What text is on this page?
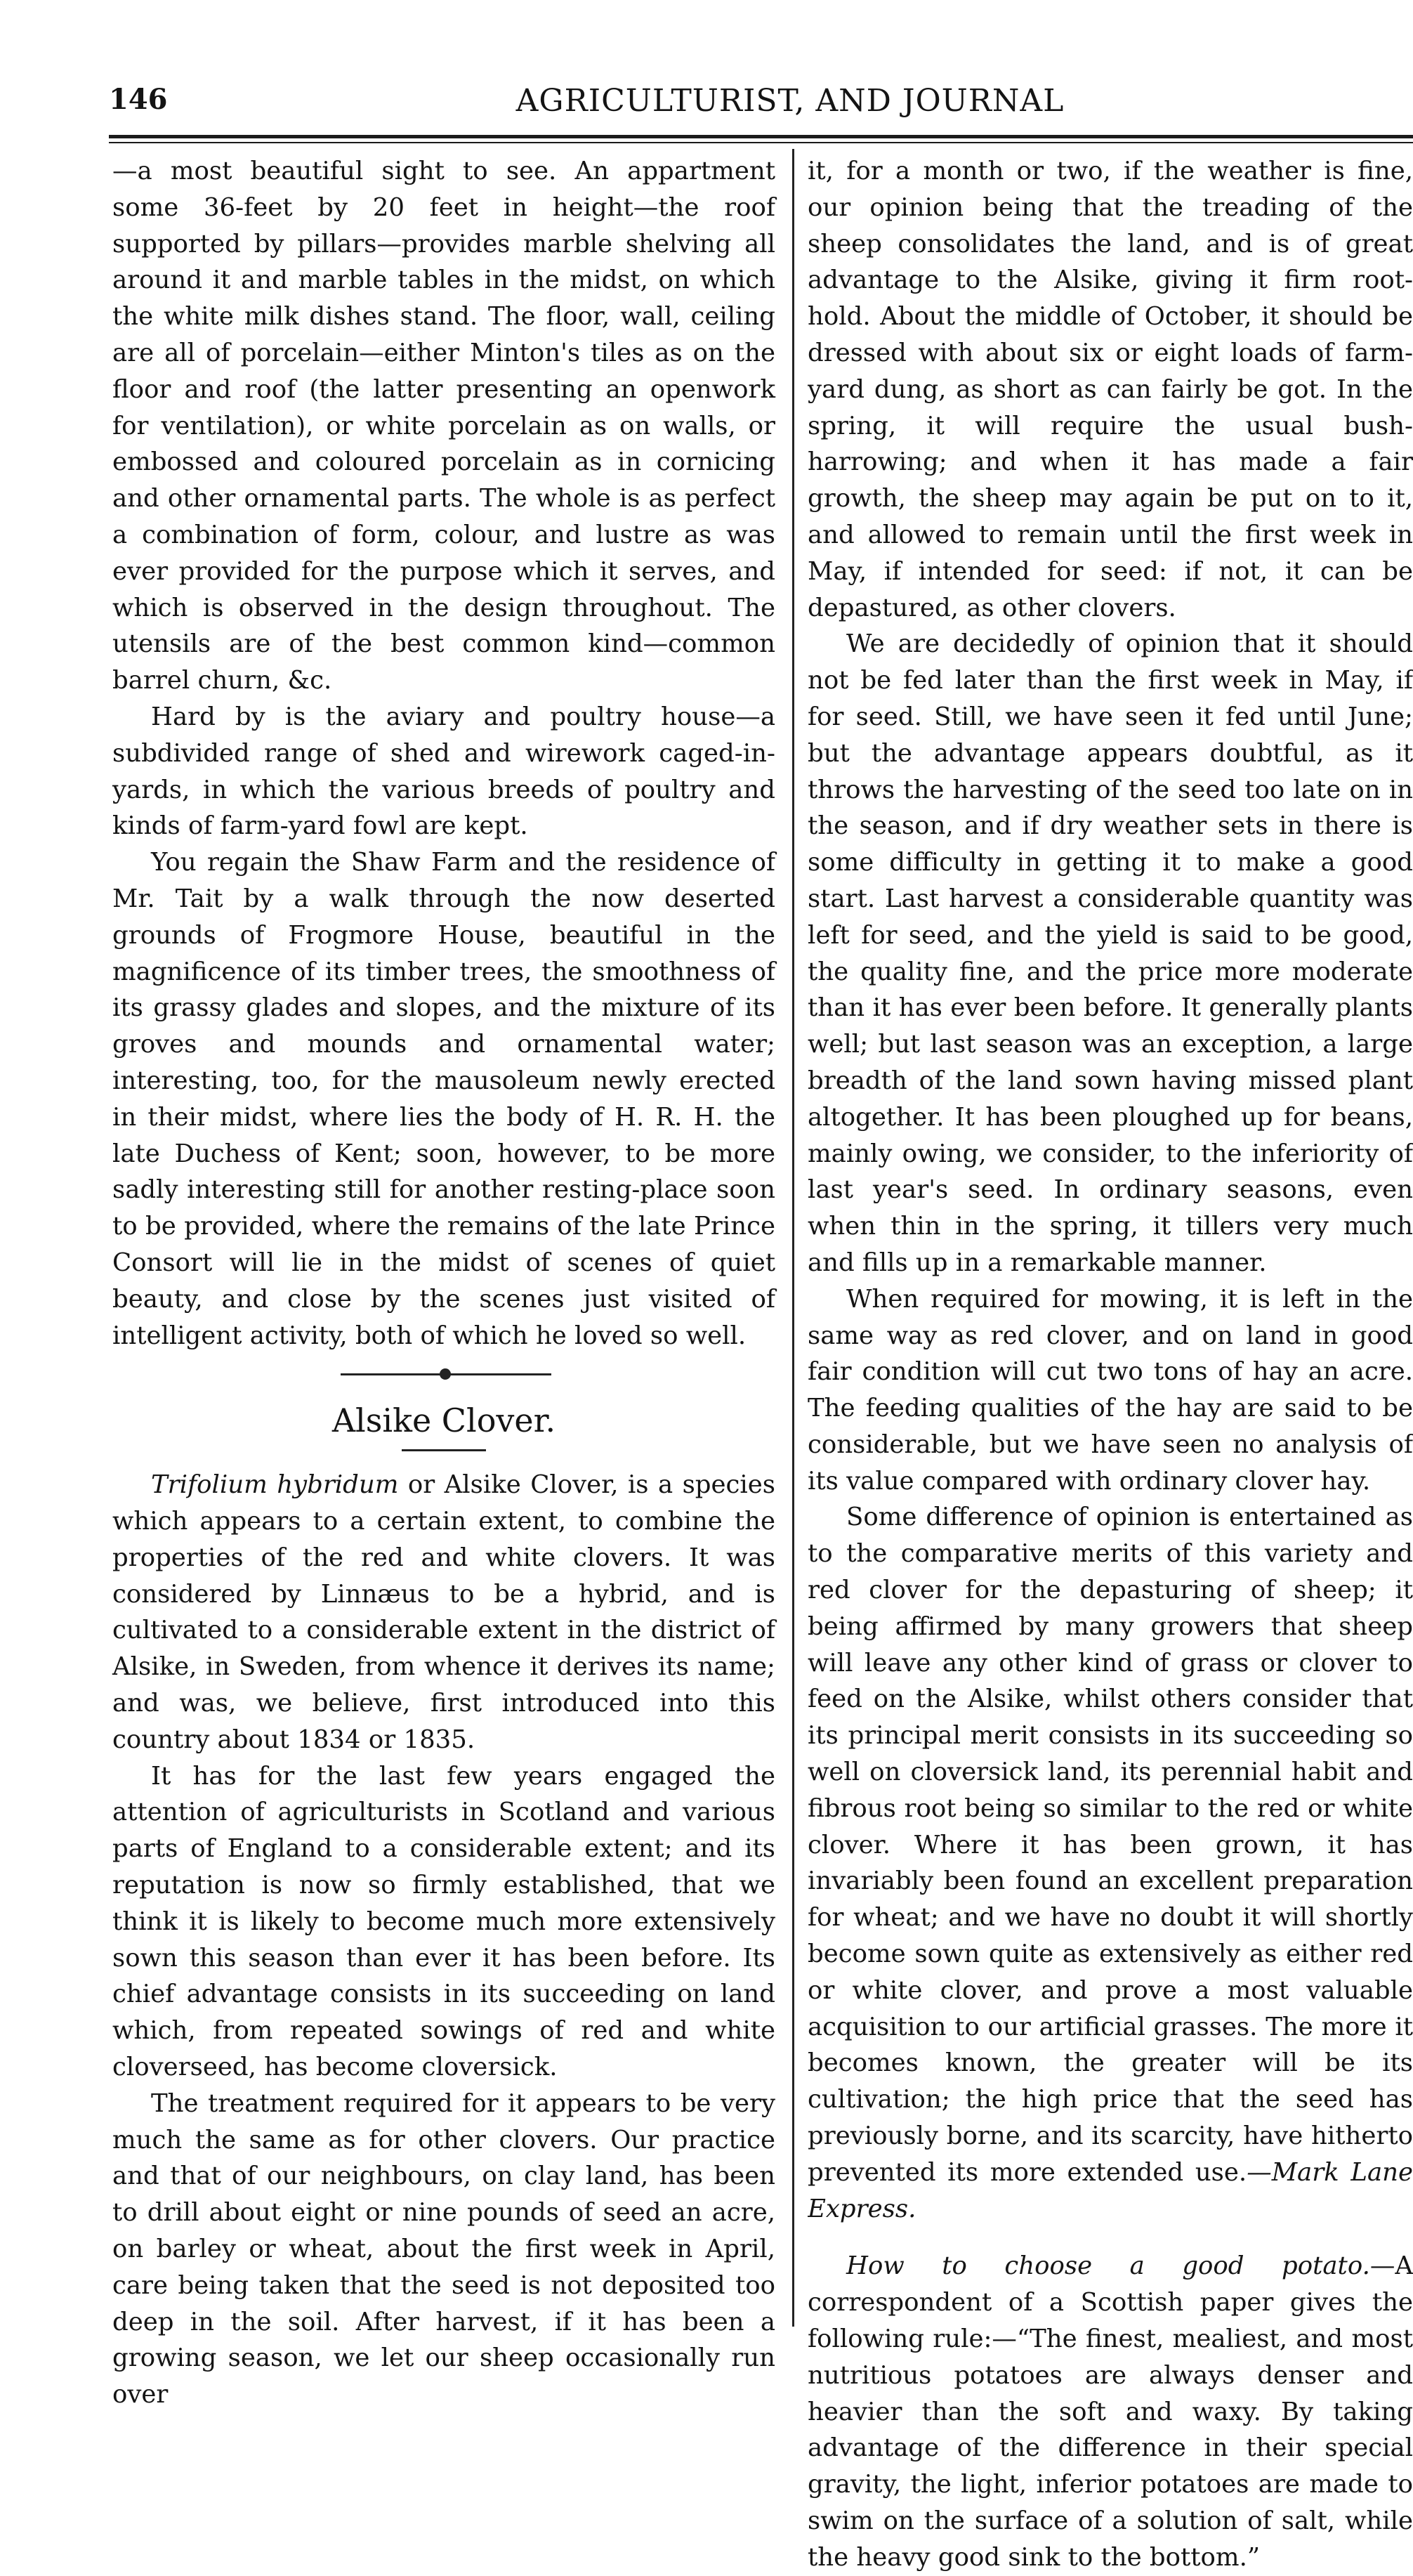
146	AGRICULTURIST, AND JOURNAL

—a most beautiful sight to see. An appartment some 36-feet by 20 feet in height—the roof supported by pillars—provides marble shelving all around it and marble tables in the midst, on which the white milk dishes stand. The floor, wall, ceiling are all of porcelain—either Minton's tiles as on the floor and roof (the latter presenting an openwork for ventilation), or white porcelain as on walls, or embossed and coloured porcelain as in cornicing and other ornamental parts. The whole is as perfect a combination of form, colour, and lustre as was ever provided for the purpose which it serves, and which is observed in the design throughout. The utensils are of the best common kind—common barrel churn, &c.

Hard by is the aviary and poultry house—a subdivided range of shed and wirework caged-in-yards, in which the various breeds of poultry and kinds of farm-yard fowl are kept.

You regain the Shaw Farm and the residence of Mr. Tait by a walk through the now deserted grounds of Frogmore House, beautiful in the magnificence of its timber trees, the smoothness of its grassy glades and slopes, and the mixture of its groves and mounds and ornamental water; interesting, too, for the mausoleum newly erected in their midst, where lies the body of H. R. H. the late Duchess of Kent; soon, however, to be more sadly interesting still for another resting-place soon to be provided, where the remains of the late Prince Consort will lie in the midst of scenes of quiet beauty, and close by the scenes just visited of intelligent activity, both of which he loved so well.

Alsike Clover.

Trifolium hybridum or Alsike Clover, is a species which appears to a certain extent, to combine the properties of the red and white clovers. It was considered by Linnæus to be a hybrid, and is cultivated to a considerable extent in the district of Alsike, in Sweden, from whence it derives its name; and was, we believe, first introduced into this country about 1834 or 1835.

It has for the last few years engaged the attention of agriculturists in Scotland and various parts of England to a considerable extent; and its reputation is now so firmly established, that we think it is likely to become much more extensively sown this season than ever it has been before. Its chief advantage consists in its succeeding on land which, from repeated sowings of red and white cloverseed, has become cloversick.

The treatment required for it appears to be very much the same as for other clovers. Our practice and that of our neighbours, on clay land, has been to drill about eight or nine pounds of seed an acre, on barley or wheat, about the first week in April, care being taken that the seed is not deposited too deep in the soil. After harvest, if it has been a growing season, we let our sheep occasionally run over

it, for a month or two, if the weather is fine, our opinion being that the treading of the sheep consolidates the land, and is of great advantage to the Alsike, giving it firm root-hold. About the middle of October, it should be dressed with about six or eight loads of farm-yard dung, as short as can fairly be got. In the spring, it will require the usual bush-harrowing; and when it has made a fair growth, the sheep may again be put on to it, and allowed to remain until the first week in May, if intended for seed: if not, it can be depastured, as other clovers.

We are decidedly of opinion that it should not be fed later than the first week in May, if for seed. Still, we have seen it fed until June; but the advantage appears doubtful, as it throws the harvesting of the seed too late on in the season, and if dry weather sets in there is some difficulty in getting it to make a good start. Last harvest a considerable quantity was left for seed, and the yield is said to be good, the quality fine, and the price more moderate than it has ever been before. It generally plants well; but last season was an exception, a large breadth of the land sown having missed plant altogether. It has been ploughed up for beans, mainly owing, we consider, to the inferiority of last year's seed. In ordinary seasons, even when thin in the spring, it tillers very much and fills up in a remarkable manner.

When required for mowing, it is left in the same way as red clover, and on land in good fair condition will cut two tons of hay an acre. The feeding qualities of the hay are said to be considerable, but we have seen no analysis of its value compared with ordinary clover hay.

Some difference of opinion is entertained as to the comparative merits of this variety and red clover for the depasturing of sheep; it being affirmed by many growers that sheep will leave any other kind of grass or clover to feed on the Alsike, whilst others consider that its principal merit consists in its succeeding so well on cloversick land, its perennial habit and fibrous root being so similar to the red or white clover. Where it has been grown, it has invariably been found an excellent preparation for wheat; and we have no doubt it will shortly become sown quite as extensively as either red or white clover, and prove a most valuable acquisition to our artificial grasses. The more it becomes known, the greater will be its cultivation; the high price that the seed has previously borne, and its scarcity, have hitherto prevented its more extended use.—Mark Lane Express.

How to choose a good potato.—A correspondent of a Scottish paper gives the following rule:—“The finest, mealiest, and most nutritious potatoes are always denser and heavier than the soft and waxy. By taking advantage of the difference in their special gravity, the light, inferior potatoes are made to swim on the surface of a solution of salt, while the heavy good sink to the bottom.”
